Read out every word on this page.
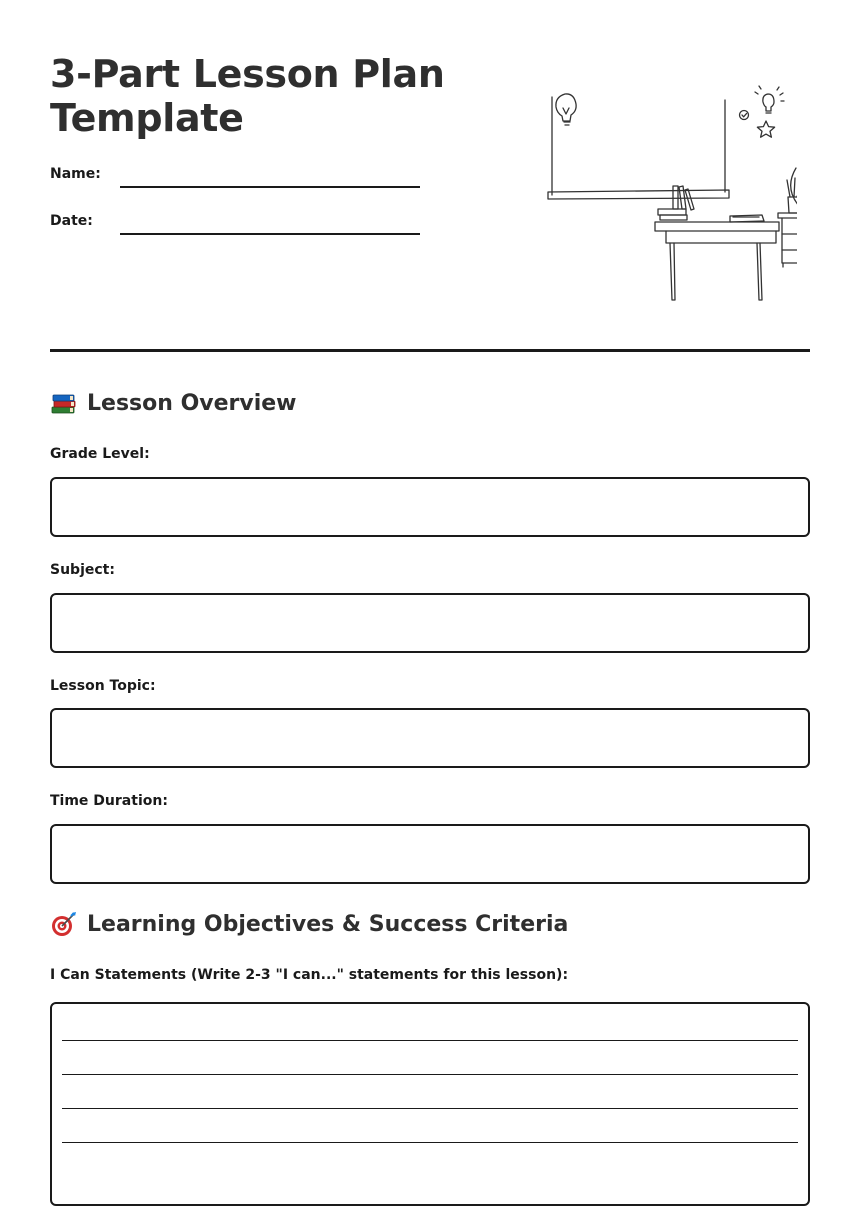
3-Part Lesson Plan Template
Name:
Date:
Lesson Overview
Grade Level:
Subject:
Lesson Topic:
Time Duration:
Learning Objectives & Success Criteria
I Can Statements (Write 2-3 "I can..." statements for this lesson):
